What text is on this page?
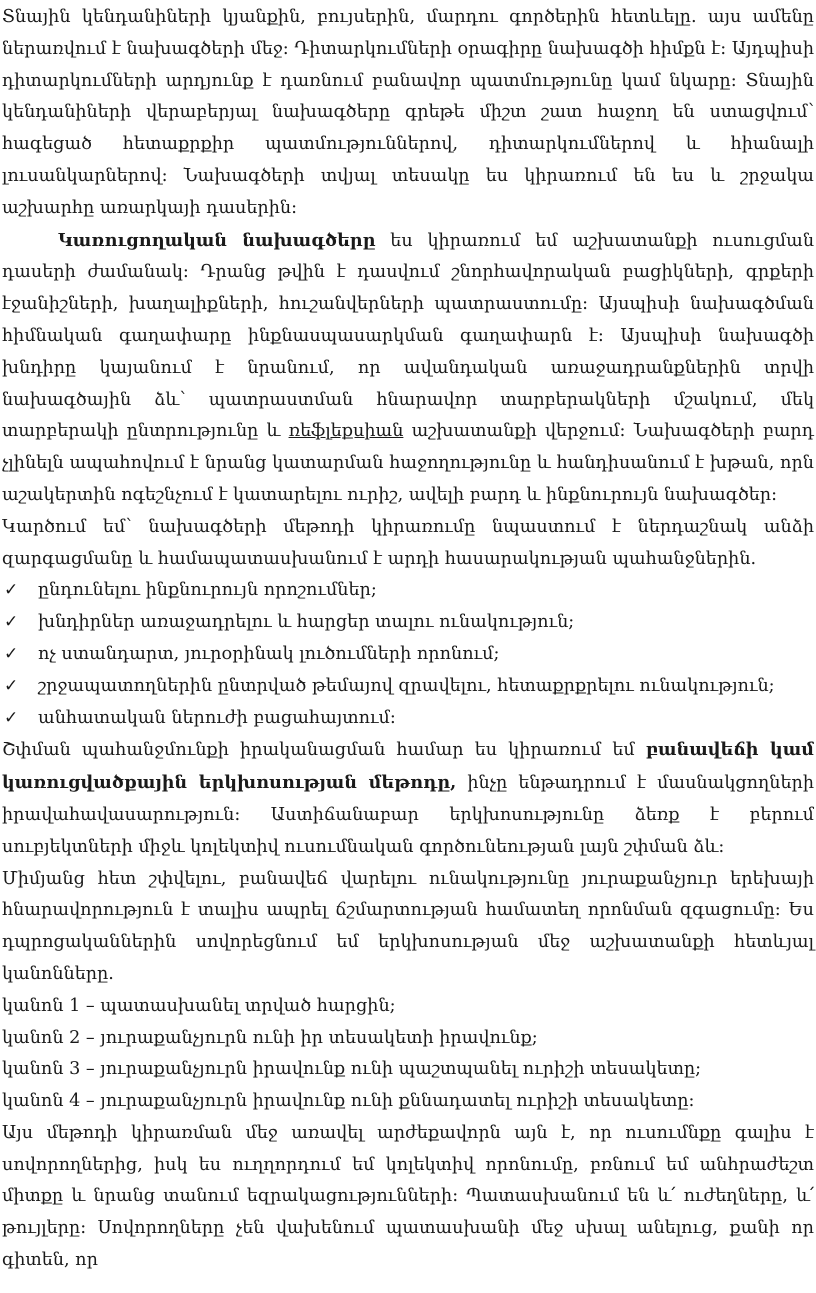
Տնային կենդանիների կյանքին, բույսերին, մարդու գործերին հետևելը. այս ամենը ներառվում է նախագծերի մեջ: Դիտարկումների օրագիրը նախագծի հիմքն է: Այդպիսի դիտարկումների արդյունք է դառնում բանավոր պատմությունը կամ նկարը: Տնային կենդանիների վերաբերյալ նախագծերը գրեթե միշտ շատ հաջող են ստացվում՝ հագեցած հետաքրքիր պատմություններով, դիտարկումներով և հիանալի լուսանկարներով: Նախագծերի տվյալ տեսակը ես կիրառում են ես և շրջակա աշխարհը առարկայի դասերին:

Կառուցողական նախագծերը ես կիրառում եմ աշխատանքի ուսուցման դասերի ժամանակ: Դրանց թվին է դասվում շնորհավորական բացիկների, գրքերի էջանիշների, խաղալիքների, հուշանվերների պատրաստումը: Այսպիսի նախագծման հիմնական գաղափարը ինքնասպասարկման գաղափարն է: Այսպիսի նախագծի խնդիրը կայանում է նրանում, որ ավանդական առաջադրանքներին տրվի նախագծային ձև՝ պատրաստման հնարավոր տարբերակների մշակում, մեկ տարբերակի ընտրությունը և ռեֆլեքսիան աշխատանքի վերջում: Նախագծերի բարդ չլինելն ապահովում է նրանց կատարման հաջողությունը և հանդիսանում է խթան, որն աշակերտին ոգեշնչում է կատարելու ուրիշ, ավելի բարդ և ինքնուրույն նախագծեր:

Կարծում եմ՝ նախագծերի մեթոդի կիրառումը նպաստում է ներդաշնակ անձի զարգացմանը և համապատասխանում է արդի հասարակության պահանջներին.

✓	ընդունելու ինքնուրույն որոշումներ;
✓	խնդիրներ առաջադրելու և հարցեր տալու ունակություն;
✓	ոչ ստանդարտ, յուրօրինակ լուծումների որոնում;
✓	շրջապատողներին ընտրված թեմայով զրավելու, հետաքրքրելու ունակություն;
✓	անհատական ներուժի բացահայտում:

Շփման պահանջմունքի իրականացման համար ես կիրառում եմ բանավեճի կամ կառուցվածքային երկխոսության մեթոդը, ինչը ենթադրում է մասնակցողների իրավահավասարություն: Աստիճանաբար երկխոսությունը ձեռք է բերում սուբյեկտների միջև կոլեկտիվ ուսումնական գործունեության լայն շփման ձև:

Միմյանց հետ շփվելու, բանավեճ վարելու ունակությունը յուրաքանչյուր երեխայի հնարավորություն է տալիս ապրել ճշմարտության համատեղ որոնման զգացումը: Ես դպրոցականներին սովորեցնում եմ երկխոսության մեջ աշխատանքի հետևյալ կանոնները.

կանոն 1 – պատասխանել տրված հարցին;

կանոն 2 – յուրաքանչյուրն ունի իր տեսակետի իրավունք;

կանոն 3 – յուրաքանչյուրն իրավունք ունի պաշտպանել ուրիշի տեսակետը;

կանոն 4 – յուրաքանչյուրն իրավունք ունի քննադատել ուրիշի տեսակետը:

Այս մեթոդի կիրառման մեջ առավել արժեքավորն այն է, որ ուսումնքը գալիս է սովորողներից, իսկ ես ուղղորդում եմ կոլեկտիվ որոնումը, բռնում եմ անհրաժեշտ միտքը և նրանց տանում եզրակացությունների: Պատասխանում են և՛ ուժեղները, և՛ թույլերը: Սովորողները չեն վախենում պատասխանի մեջ սխալ անելուց, քանի որ գիտեն, որ
